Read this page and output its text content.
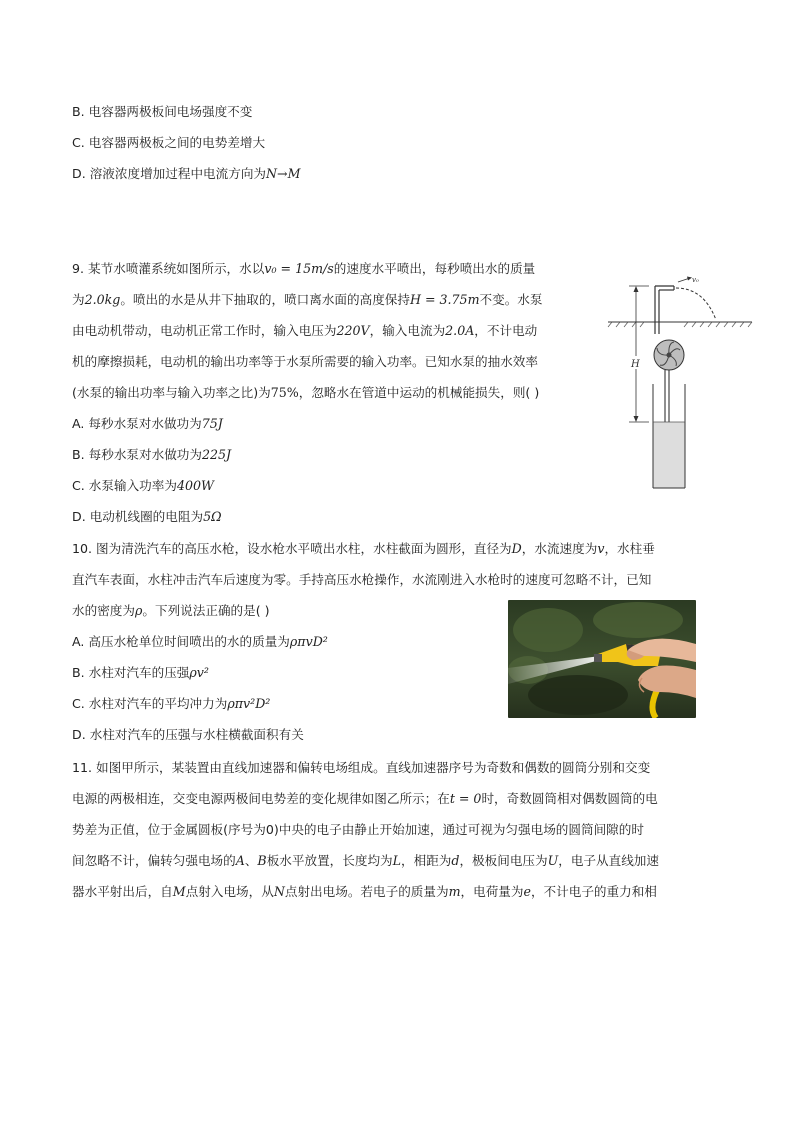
B. 电容器两极板间电场强度不变
C. 电容器两极板之间的电势差增大
D. 溶液浓度增加过程中电流方向为N→M
9. 某节水喷灌系统如图所示，水以v₀ = 15m/s的速度水平喷出，每秒喷出水的质量
为2.0kg。喷出的水是从井下抽取的，喷口离水面的高度保持H = 3.75m不变。水泵
由电动机带动，电动机正常工作时，输入电压为220V，输入电流为2.0A，不计电动
机的摩擦损耗，电动机的输出功率等于水泵所需要的输入功率。已知水泵的抽水效率
(水泵的输出功率与输入功率之比)为75%，忽略水在管道中运动的机械能损失，则( )
A. 每秒水泵对水做功为75J
B. 每秒水泵对水做功为225J
C. 水泵输入功率为400W
D. 电动机线圈的电阻为5Ω
v₀
H
10. 图为清洗汽车的高压水枪，设水枪水平喷出水柱，水柱截面为圆形，直径为D，水流速度为v，水柱垂
直汽车表面，水柱冲击汽车后速度为零。手持高压水枪操作，水流刚进入水枪时的速度可忽略不计，已知
水的密度为ρ。下列说法正确的是( )
A. 高压水枪单位时间喷出的水的质量为ρπvD²
B. 水柱对汽车的压强ρv²
C. 水柱对汽车的平均冲力为ρπv²D²
D. 水柱对汽车的压强与水柱横截面积有关
11. 如图甲所示，某装置由直线加速器和偏转电场组成。直线加速器序号为奇数和偶数的圆筒分别和交变
电源的两极相连，交变电源两极间电势差的变化规律如图乙所示；在t = 0时，奇数圆筒相对偶数圆筒的电
势差为正值，位于金属圆板(序号为0)中央的电子由静止开始加速，通过可视为匀强电场的圆筒间隙的时
间忽略不计，偏转匀强电场的A、B板水平放置，长度均为L，相距为d，极板间电压为U，电子从直线加速
器水平射出后，自M点射入电场，从N点射出电场。若电子的质量为m，电荷量为e，不计电子的重力和相
